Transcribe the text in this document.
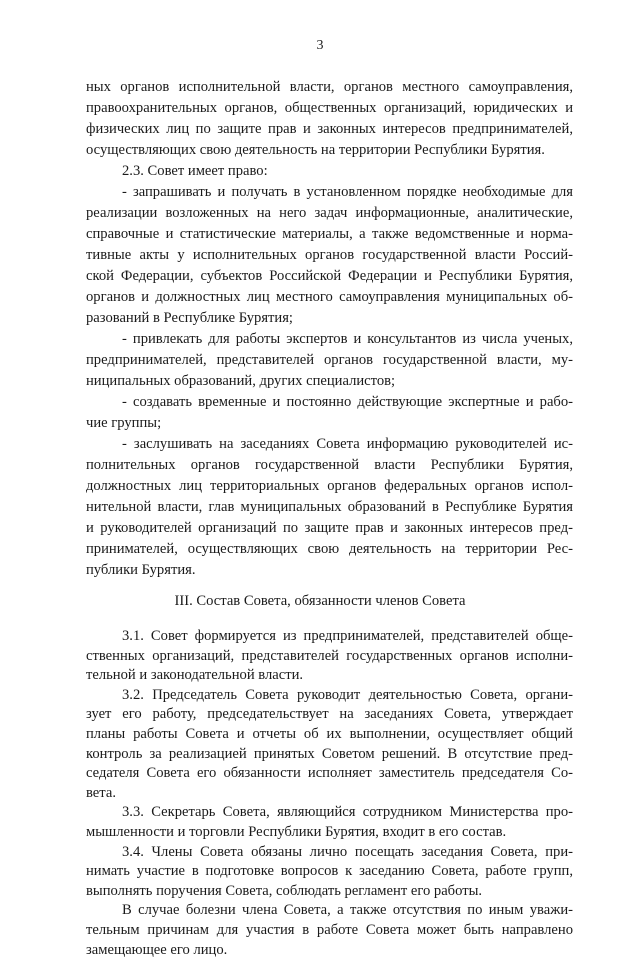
3
ных органов исполнительной власти, органов местного самоуправления,
правоохранительных органов, общественных организаций, юридических и
физических лиц по защите прав и законных интересов предпринимателей,
осуществляющих свою деятельность на территории Республики Бурятия.
2.3. Совет имеет право:
- запрашивать и получать в установленном порядке необходимые для
реализации возложенных на него задач информационные, аналитические,
справочные и статистические материалы, а также ведомственные и норма-
тивные акты у исполнительных органов государственной власти Россий-
ской Федерации, субъектов Российской Федерации и Республики Бурятия,
органов и должностных лиц местного самоуправления муниципальных об-
разований в Республике Бурятия;
- привлекать для работы экспертов и консультантов из числа ученых,
предпринимателей, представителей органов государственной власти, му-
ниципальных образований, других специалистов;
- создавать временные и постоянно действующие экспертные и рабо-
чие группы;
- заслушивать на заседаниях Совета информацию руководителей ис-
полнительных органов государственной власти Республики Бурятия,
должностных лиц территориальных органов федеральных органов испол-
нительной власти, глав муниципальных образований в Республике Бурятия
и руководителей организаций по защите прав и законных интересов пред-
принимателей, осуществляющих свою деятельность на территории Рес-
публики Бурятия.
III. Состав Совета, обязанности членов Совета
3.1. Совет формируется из предпринимателей, представителей обще-
ственных организаций, представителей государственных органов исполни-
тельной и законодательной власти.
3.2. Председатель Совета руководит деятельностью Совета, органи-
зует его работу, председательствует на заседаниях Совета, утверждает
планы работы Совета и отчеты об их выполнении, осуществляет общий
контроль за реализацией принятых Советом решений. В отсутствие пред-
седателя Совета его обязанности исполняет заместитель председателя Со-
вета.
3.3. Секретарь Совета, являющийся сотрудником Министерства про-
мышленности и торговли Республики Бурятия, входит в его состав.
3.4. Члены Совета обязаны лично посещать заседания Совета, при-
нимать участие в подготовке вопросов к заседанию Совета, работе групп,
выполнять поручения Совета, соблюдать регламент его работы.
В случае болезни члена Совета, а также отсутствия по иным уважи-
тельным причинам для участия в работе Совета может быть направлено
замещающее его лицо.
